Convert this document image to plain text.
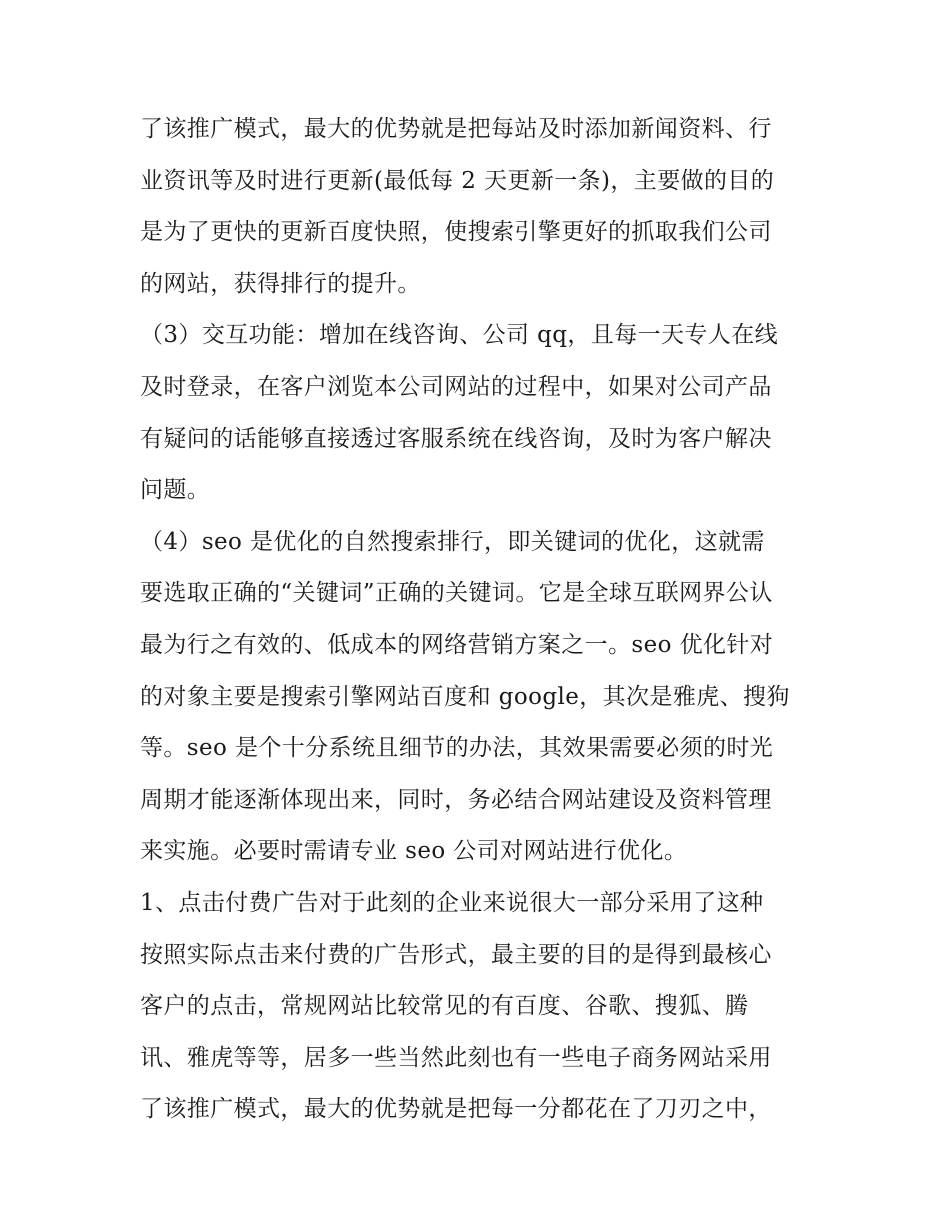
了该推广模式，最大的优势就是把每站及时添加新闻资料、行
业资讯等及时进行更新(最低每 2 天更新一条)，主要做的目的
是为了更快的更新百度快照，使搜索引擎更好的抓取我们公司
的网站，获得排行的提升。
（3）交互功能：增加在线咨询、公司 qq，且每一天专人在线
及时登录，在客户浏览本公司网站的过程中，如果对公司产品
有疑问的话能够直接透过客服系统在线咨询，及时为客户解决
问题。
（4）seo 是优化的自然搜索排行，即关键词的优化，这就需
要选取正确的“关键词”正确的关键词。它是全球互联网界公认
最为行之有效的、低成本的网络营销方案之一。seo 优化针对
的对象主要是搜索引擎网站百度和 google，其次是雅虎、搜狗
等。seo 是个十分系统且细节的办法，其效果需要必须的时光
周期才能逐渐体现出来，同时，务必结合网站建设及资料管理
来实施。必要时需请专业 seo 公司对网站进行优化。
1、点击付费广告对于此刻的企业来说很大一部分采用了这种
按照实际点击来付费的广告形式，最主要的目的是得到最核心
客户的点击，常规网站比较常见的有百度、谷歌、搜狐、腾
讯、雅虎等等，居多一些当然此刻也有一些电子商务网站采用
了该推广模式，最大的优势就是把每一分都花在了刀刃之中，
